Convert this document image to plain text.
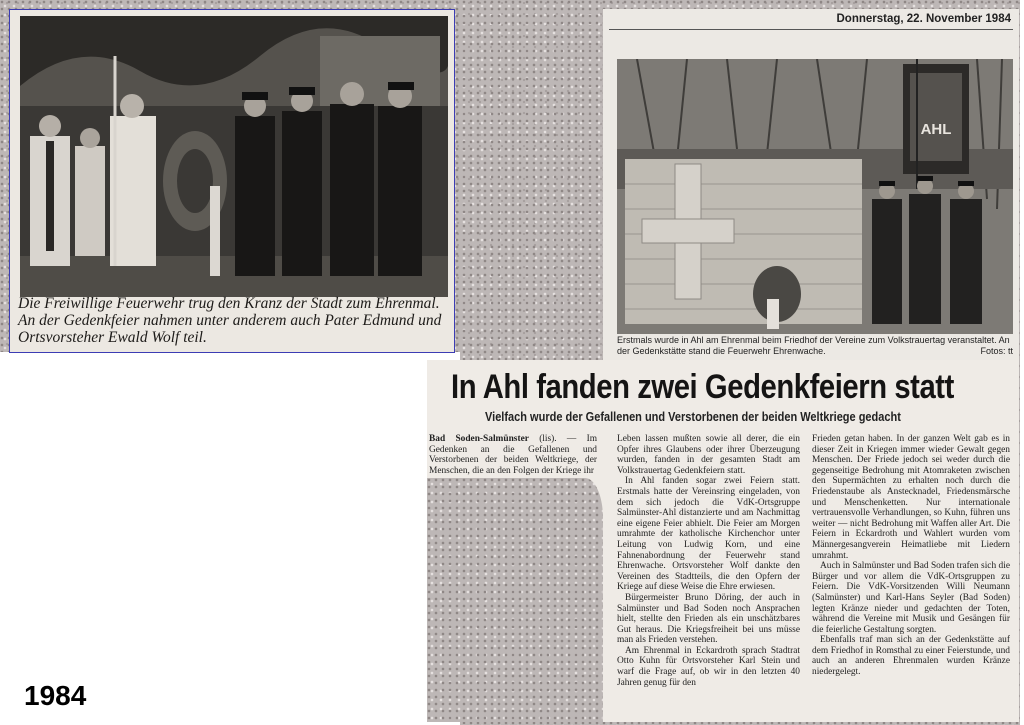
Die Freiwillige Feuerwehr trug den Kranz der Stadt zum Ehrenmal. An der Gedenkfeier nahmen unter anderem auch Pater Edmund und Ortsvorsteher Ewald Wolf teil.
Donnerstag, 22. November 1984
AHL
Erstmals wurde in Ahl am Ehrenmal beim Friedhof der Vereine zum Volkstrauertag veranstaltet. An der Gedenkstätte stand die Feuerwehr Ehrenwache.	Fotos: tt
In Ahl fanden zwei Gedenkfeiern statt
Vielfach wurde der Gefallenen und Verstorbenen der beiden Weltkriege gedacht

Bad Soden-Salmünster (lis). — Im Gedenken an die Gefallenen und Verstorbenen der beiden Weltkriege, der Menschen, die an den Folgen der Kriege ihr

Leben lassen mußten sowie all derer, die ein Opfer ihres Glaubens oder ihrer Überzeugung wurden, fanden in der gesamten Stadt am Volkstrauertag Gedenkfeiern statt.

In Ahl fanden sogar zwei Feiern statt. Erstmals hatte der Vereinsring eingeladen, von dem sich jedoch die VdK-Ortsgruppe Salmünster-Ahl distanzierte und am Nachmittag eine eigene Feier abhielt. Die Feier am Morgen umrahmte der katholische Kirchenchor unter Leitung von Ludwig Korn, und eine Fahnenabordnung der Feuerwehr stand Ehrenwache. Ortsvorsteher Wolf dankte den Vereinen des Stadtteils, die den Opfern der Kriege auf diese Weise die Ehre erwiesen.

Bürgermeister Bruno Döring, der auch in Salmünster und Bad Soden noch Ansprachen hielt, stellte den Frieden als ein unschätzbares Gut heraus. Die Kriegsfreiheit bei uns müsse man als Frieden verstehen.

Am Ehrenmal in Eckardroth sprach Stadtrat Otto Kuhn für Ortsvorsteher Karl Stein und warf die Frage auf, ob wir in den letzten 40 Jahren genug für den

Frieden getan haben. In der ganzen Welt gab es in dieser Zeit in Kriegen immer wieder Gewalt gegen Menschen. Der Friede jedoch sei weder durch die gegenseitige Bedrohung mit Atomraketen zwischen den Supermächten zu erhalten noch durch die Friedenstaube als Anstecknadel, Friedensmärsche und Menschenketten. Nur internationale vertrauensvolle Verhandlungen, so Kuhn, führen uns weiter — nicht Bedrohung mit Waffen aller Art. Die Feiern in Eckardroth und Wahlert wurden vom Männergesangverein Heimatliebe mit Liedern umrahmt.

Auch in Salmünster und Bad Soden trafen sich die Bürger und vor allem die VdK-Ortsgruppen zu Feiern. Die VdK-Vorsitzenden Willi Neumann (Salmünster) und Karl-Hans Seyler (Bad Soden) legten Kränze nieder und gedachten der Toten, während die Vereine mit Musik und Gesängen für die feierliche Gestaltung sorgten.

Ebenfalls traf man sich an der Gedenkstätte auf dem Friedhof in Romsthal zu einer Feierstunde, und auch an anderen Ehrenmalen wurden Kränze niedergelegt.

1984
